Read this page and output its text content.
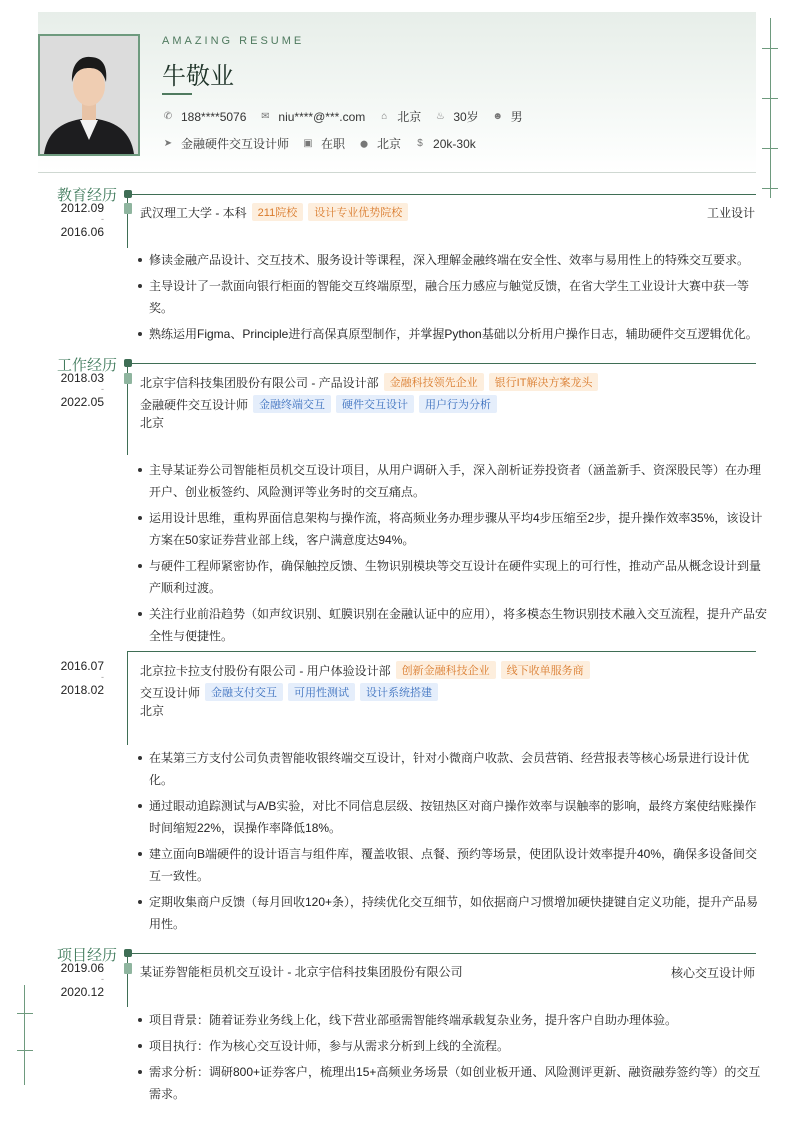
AMAZING RESUME
牛敬业
✆ 188****5076 ✉ niu****@***.com ⌂ 北京 ♨ 30岁 ☻ 男
➤ 金融硬件交互设计师 ▣ 在职 ⬤ 北京	$ 20k-30k
教育经历
2012.09
-
2016.06
武汉理工大学 - 本科	211院校	设计专业优势院校	工业设计
修读金融产品设计、交互技术、服务设计等课程，深入理解金融终端在安全性、效率与易用性上的特殊交互要求。
主导设计了一款面向银行柜面的智能交互终端原型，融合压力感应与触觉反馈，在省大学生工业设计大赛中获一等奖。
熟练运用Figma、Principle进行高保真原型制作，并掌握Python基础以分析用户操作日志，辅助硬件交互逻辑优化。
工作经历
2018.03
-
2022.05
北京宇信科技集团股份有限公司 - 产品设计部	金融科技领先企业	银行IT解决方案龙头
金融硬件交互设计师	金融终端交互	硬件交互设计	用户行为分析
北京
主导某证券公司智能柜员机交互设计项目，从用户调研入手，深入剖析证券投资者（涵盖新手、资深股民等）在办理开户、创业板签约、风险测评等业务时的交互痛点。
运用设计思维，重构界面信息架构与操作流，将高频业务办理步骤从平均4步压缩至2步，提升操作效率35%，该设计方案在50家证券营业部上线，客户满意度达94%。
与硬件工程师紧密协作，确保触控反馈、生物识别模块等交互设计在硬件实现上的可行性，推动产品从概念设计到量产顺利过渡。
关注行业前沿趋势（如声纹识别、虹膜识别在金融认证中的应用），将多模态生物识别技术融入交互流程，提升产品安全性与便捷性。
2016.07
-
2018.02
北京拉卡拉支付股份有限公司 - 用户体验设计部	创新金融科技企业	线下收单服务商
交互设计师	金融支付交互	可用性测试	设计系统搭建
北京
在某第三方支付公司负责智能收银终端交互设计，针对小微商户收款、会员营销、经营报表等核心场景进行设计优化。
通过眼动追踪测试与A/B实验，对比不同信息层级、按钮热区对商户操作效率与误触率的影响，最终方案使结账操作时间缩短22%，误操作率降低18%。
建立面向B端硬件的设计语言与组件库，覆盖收银、点餐、预约等场景，使团队设计效率提升40%，确保多设备间交互一致性。
定期收集商户反馈（每月回收120+条），持续优化交互细节，如依据商户习惯增加硬快捷键自定义功能，提升产品易用性。
项目经历
2019.06
-
2020.12
某证券智能柜员机交互设计 - 北京宇信科技集团股份有限公司	核心交互设计师
项目背景：随着证券业务线上化，线下营业部亟需智能终端承载复杂业务，提升客户自助办理体验。
项目执行：作为核心交互设计师，参与从需求分析到上线的全流程。
需求分析：调研800+证券客户，梳理出15+高频业务场景（如创业板开通、风险测评更新、融资融券签约等）的交互需求。
